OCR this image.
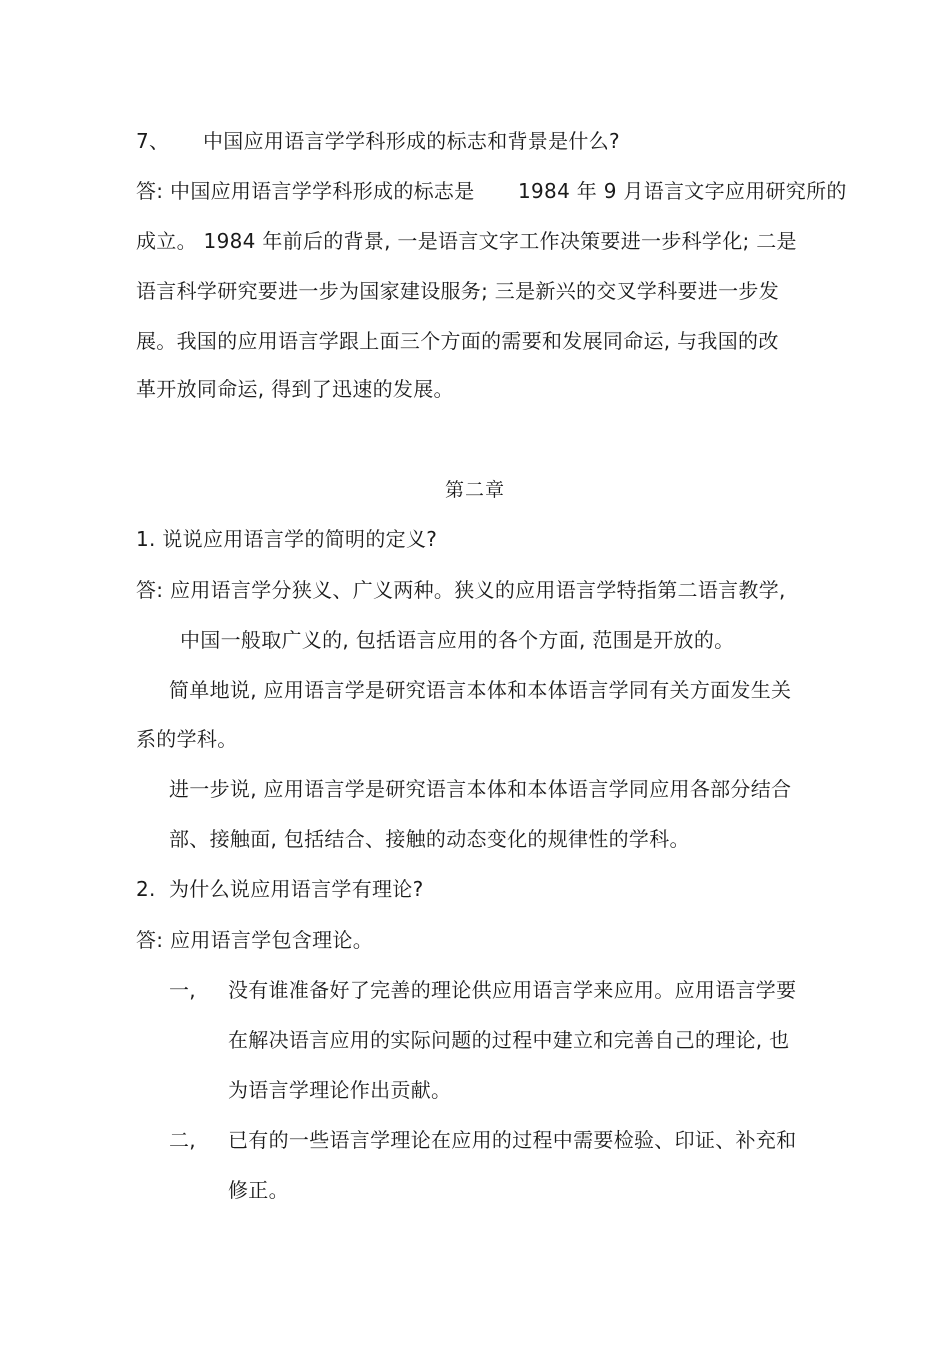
7、 中国应用语言学学科形成的标志和背景是什么?
答: 中国应用语言学学科形成的标志是 1984 年 9 月语言文字应用研究所的
成立。 1984 年前后的背景, 一是语言文字工作决策要进一步科学化; 二是
语言科学研究要进一步为国家建设服务; 三是新兴的交叉学科要进一步发
展。我国的应用语言学跟上面三个方面的需要和发展同命运, 与我国的改
革开放同命运, 得到了迅速的发展。
第二章
1. 说说应用语言学的简明的定义?
答: 应用语言学分狭义、广义两种。狭义的应用语言学特指第二语言教学,
中国一般取广义的, 包括语言应用的各个方面, 范围是开放的。
简单地说, 应用语言学是研究语言本体和本体语言学同有关方面发生关
系的学科。
进一步说, 应用语言学是研究语言本体和本体语言学同应用各部分结合
部、接触面, 包括结合、接触的动态变化的规律性的学科。
2. 为什么说应用语言学有理论?
答: 应用语言学包含理论。
一, 没有谁准备好了完善的理论供应用语言学来应用。应用语言学要
在解决语言应用的实际问题的过程中建立和完善自己的理论, 也
为语言学理论作出贡献。
二, 已有的一些语言学理论在应用的过程中需要检验、印证、补充和
修正。
